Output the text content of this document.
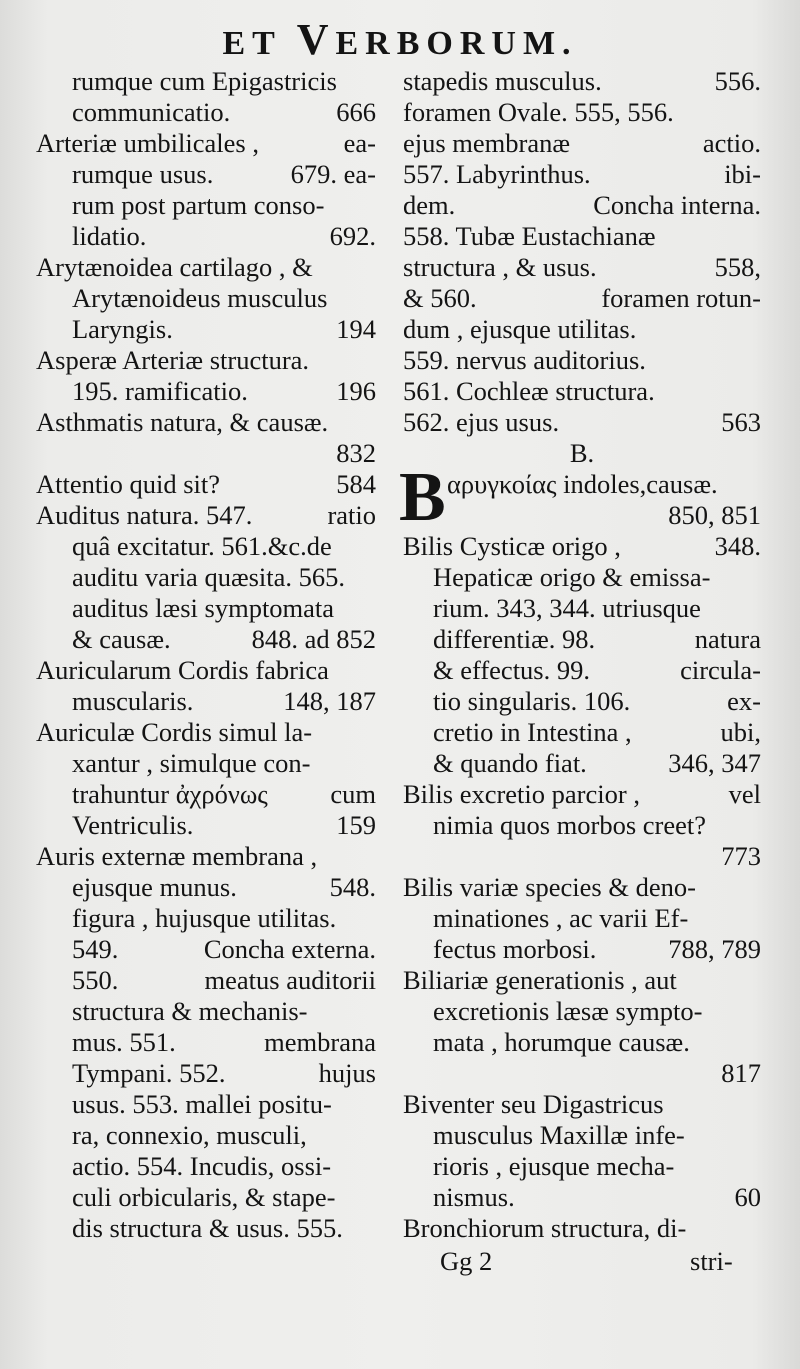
ET VERBORUM.
rumque cum Epigastricis
communicatio.	666
Arteriæ umbilicales ,	ea-
rumque usus.	679. ea-
rum post partum conso-
lidatio.	692.
Arytænoidea cartilago , &
Arytænoideus musculus
Laryngis.	194
Asperæ Arteriæ structura.
195. ramificatio.	196
Asthmatis natura, & causæ.
832
Attentio quid sit?	584
Auditus natura. 547.	ratio
quâ excitatur. 561.&c.de
auditu varia quæsita. 565.
auditus læsi symptomata
& causæ.	848. ad 852
Auricularum Cordis fabrica
muscularis.	148, 187
Auriculæ Cordis simul la-
xantur , simulque con-
trahuntur ἀχρόνως cum
Ventriculis.	159
Auris externæ membrana ,
ejusque munus.	548.
figura , hujusque utilitas.
549.	Concha externa.
550.	meatus auditorii
structura & mechanis-
mus. 551.	membrana
Tympani. 552.	hujus
usus. 553. mallei positu-
ra, connexio, musculi,
actio. 554. Incudis, ossi-
culi orbicularis, & stape-
dis structura & usus. 555.
stapedis musculus.	556.
foramen Ovale. 555, 556.
ejus membranæ	actio.
557. Labyrinthus.	ibi-
dem.	Concha interna.
558. Tubæ Eustachianæ
structura , & usus.	558,
& 560.	foramen rotun-
dum , ejusque utilitas.
559. nervus auditorius.
561. Cochleæ structura.
562. ejus usus.	563
B.
B αρυγκοίας indoles,causæ.
850, 851
Bilis Cysticæ origo ,	348.
Hepaticæ origo & emissa-
rium. 343, 344. utriusque
differentiæ. 98.	natura
& effectus. 99.	circula-
tio singularis. 106.	ex-
cretio in Intestina ,	ubi,
& quando fiat.	346, 347
Bilis excretio parcior ,	vel
nimia quos morbos creet?
773
Bilis variæ species & deno-
minationes , ac varii Ef-
fectus morbosi.	788, 789
Biliariæ generationis , aut
excretionis læsæ sympto-
mata , horumque causæ.
817
Biventer seu Digastricus
musculus Maxillæ infe-
rioris , ejusque mecha-
nismus.	60
Bronchiorum structura, di-
Gg 2	stri-
